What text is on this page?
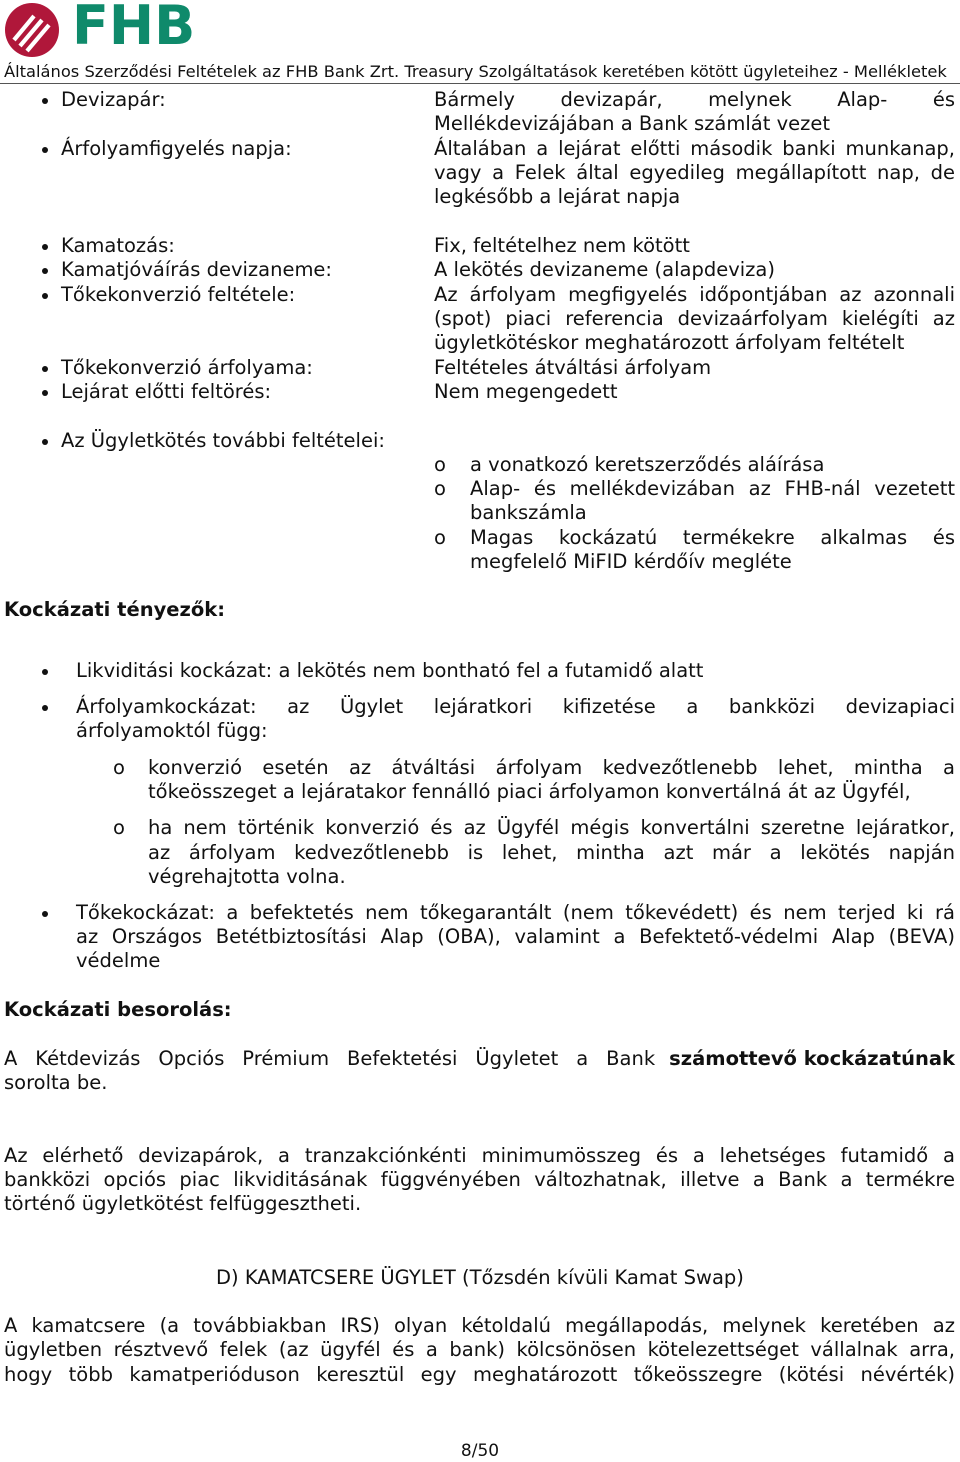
FHB
Általános Szerződési Feltételek az FHB Bank Zrt. Treasury Szolgáltatások keretében kötött ügyleteihez - Mellékletek
Devizapár:	Bármely devizapár, melynek Alap- és
Mellékdevizájában a Bank számlát vezet
Árfolyamfigyelés napja:	Általában a lejárat előtti második banki munkanap,
vagy a Felek által egyedileg megállapított nap, de
legkésőbb a lejárat napja
Kamatozás:	Fix, feltételhez nem kötött
Kamatjóváírás devizaneme:	A lekötés devizaneme (alapdeviza)
Tőkekonverzió feltétele:	Az árfolyam megfigyelés időpontjában az azonnali
(spot) piaci referencia devizaárfolyam kielégíti az
ügyletkötéskor meghatározott árfolyam feltételt
Tőkekonverzió árfolyama:	Feltételes átváltási árfolyam
Lejárat előtti feltörés:	Nem megengedett
Az Ügyletkötés további feltételei:
o a vonatkozó keretszerződés aláírása
o Alap- és mellékdevizában az FHB-nál vezetett
bankszámla
o Magas kockázatú termékekre alkalmas és
megfelelő MiFID kérdőív megléte
Kockázati tényezők:
Likviditási kockázat: a lekötés nem bontható fel a futamidő alatt
Árfolyamkockázat: az Ügylet lejáratkori kifizetése a bankközi devizapiaci
árfolyamoktól függ:
o konverzió esetén az átváltási árfolyam kedvezőtlenebb lehet, mintha a
tőkeösszeget a lejáratakor fennálló piaci árfolyamon konvertálná át az Ügyfél,
o ha nem történik konverzió és az Ügyfél mégis konvertálni szeretne lejáratkor,
az árfolyam kedvezőtlenebb is lehet, mintha azt már a lekötés napján
végrehajtotta volna.
Tőkekockázat: a befektetés nem tőkegarantált (nem tőkevédett) és nem terjed ki rá
az Országos Betétbiztosítási Alap (OBA), valamint a Befektető-védelmi Alap (BEVA)
védelme
Kockázati besorolás:
A Kétdevizás Opciós Prémium Befektetési Ügyletet a Bank számottevő kockázatúnak
sorolta be.
Az elérhető devizapárok, a tranzakciónkénti minimumösszeg és a lehetséges futamidő a
bankközi opciós piac likviditásának függvényében változhatnak, illetve a Bank a termékre
történő ügyletkötést felfüggesztheti.
D) KAMATCSERE ÜGYLET (Tőzsdén kívüli Kamat Swap)
A kamatcsere (a továbbiakban IRS) olyan kétoldalú megállapodás, melynek keretében az
ügyletben résztvevő felek (az ügyfél és a bank) kölcsönösen kötelezettséget vállalnak arra,
hogy több kamatperióduson keresztül egy meghatározott tőkeösszegre (kötési névérték)
8/50
